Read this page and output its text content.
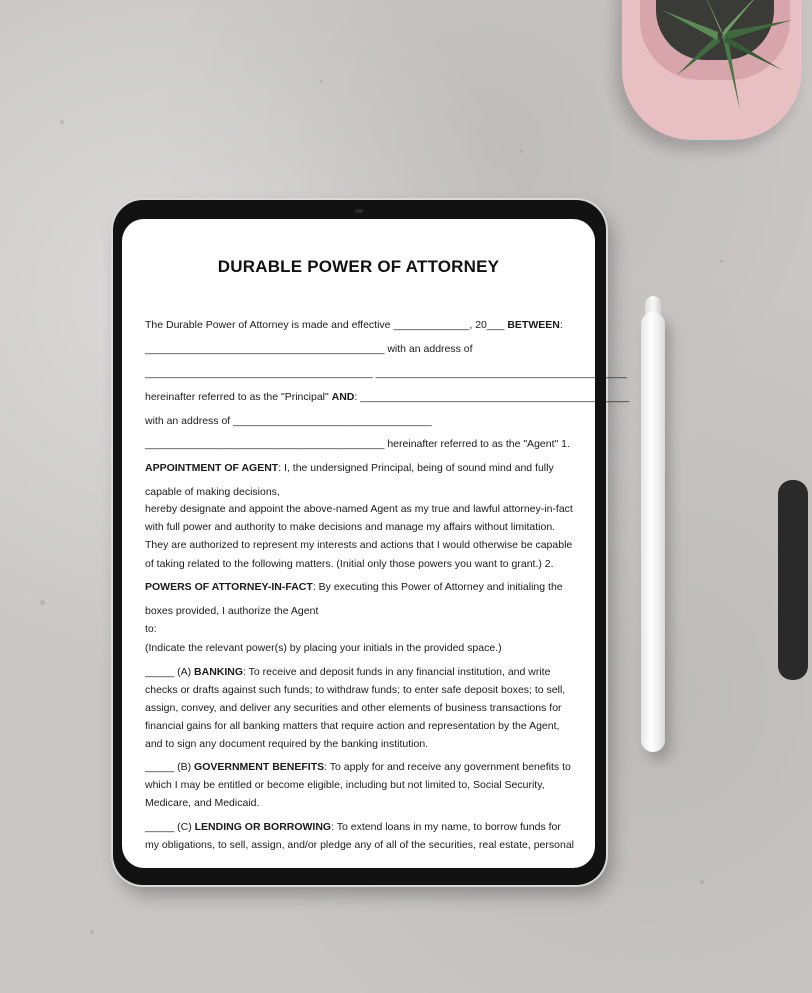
DURABLE POWER OF ATTORNEY
The Durable Power of Attorney is made and effective _____________, 20___ BETWEEN:
_________________________________________ with an address of
_______________________________________ ___________________________________________
hereinafter referred to as the "Principal" AND: ______________________________________________
with an address of __________________________________
_________________________________________ hereinafter referred to as the "Agent" 1.
APPOINTMENT OF AGENT: I, the undersigned Principal, being of sound mind and fully
capable of making decisions,
hereby designate and appoint the above-named Agent as my true and lawful attorney-in-fact
with full power and authority to make decisions and manage my affairs without limitation.
They are authorized to represent my interests and actions that I would otherwise be capable
of taking related to the following matters. (Initial only those powers you want to grant.) 2.
POWERS OF ATTORNEY-IN-FACT: By executing this Power of Attorney and initialing the
boxes provided, I authorize the Agent
to:
(Indicate the relevant power(s) by placing your initials in the provided space.)
_____ (A) BANKING: To receive and deposit funds in any financial institution, and write
checks or drafts against such funds; to withdraw funds; to enter safe deposit boxes; to sell,
assign, convey, and deliver any securities and other elements of business transactions for
financial gains for all banking matters that require action and representation by the Agent,
and to sign any document required by the banking institution.
_____ (B) GOVERNMENT BENEFITS: To apply for and receive any government benefits to
which I may be entitled or become eligible, including but not limited to, Social Security,
Medicare, and Medicaid.
_____ (C) LENDING OR BORROWING: To extend loans in my name, to borrow funds for
my obligations, to sell, assign, and/or pledge any of all of the securities, real estate, personal
